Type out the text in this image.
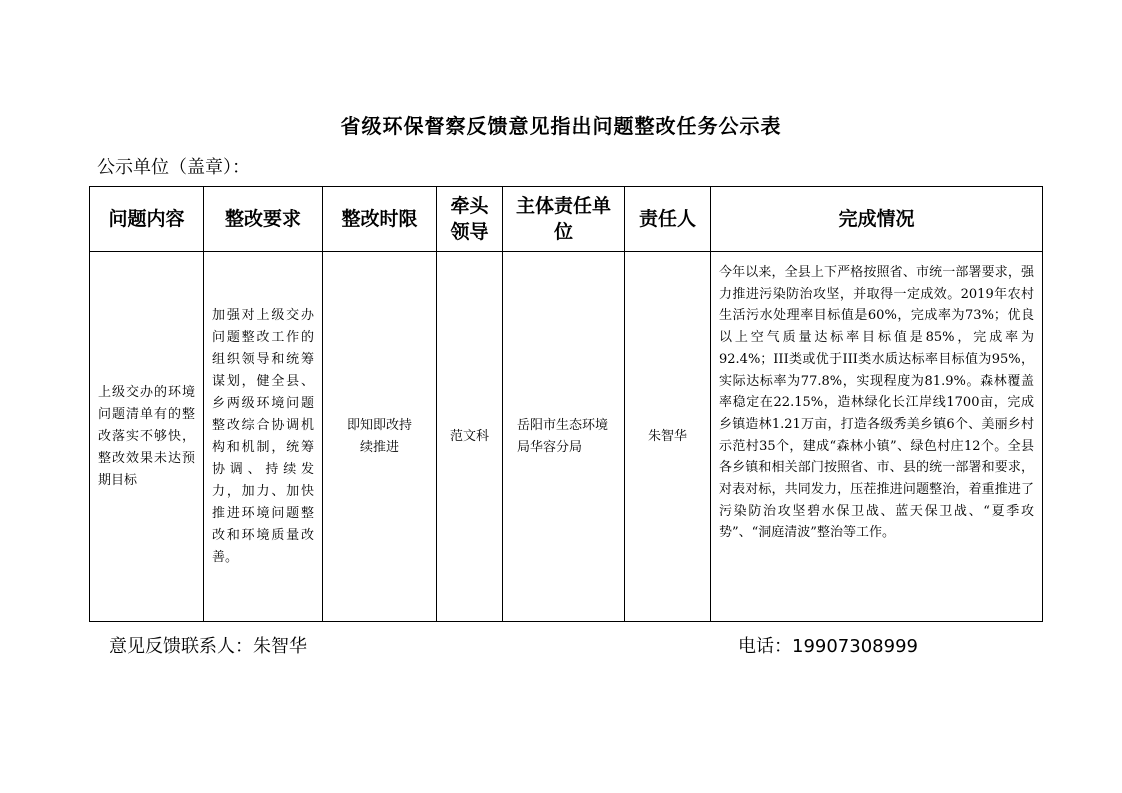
省级环保督察反馈意见指出问题整改任务公示表
公示单位（盖章）：
问题内容	整改要求	整改时限	牵头领导	主体责任单位	责任人	完成情况
上级交办的环境问题清单有的整改落实不够快，整改效果未达预期目标	加强对上级交办问题整改工作的组织领导和统筹谋划，健全县、乡两级环境问题整改综合协调机构和机制，统筹协调、持续发力，加力、加快推进环境问题整改和环境质量改善。	即知即改持续推进	范文科	岳阳市生态环境局华容分局	朱智华	今年以来，全县上下严格按照省、市统一部署要求，强力推进污染防治攻坚，并取得一定成效。2019年农村生活污水处理率目标值是60%，完成率为73%；优良以上空气质量达标率目标值是85%，完成率为92.4%；III类或优于III类水质达标率目标值为95%，实际达标率为77.8%，实现程度为81.9%。森林覆盖率稳定在22.15%，造林绿化长江岸线1700亩，完成乡镇造林1.21万亩，打造各级秀美乡镇6个、美丽乡村示范村35个，建成“森林小镇”、绿色村庄12个。全县各乡镇和相关部门按照省、市、县的统一部署和要求，对表对标，共同发力，压茬推进问题整治，着重推进了污染防治攻坚碧水保卫战、蓝天保卫战、“夏季攻势”、“洞庭清波”整治等工作。
意见反馈联系人：朱智华	电话：19907308999
